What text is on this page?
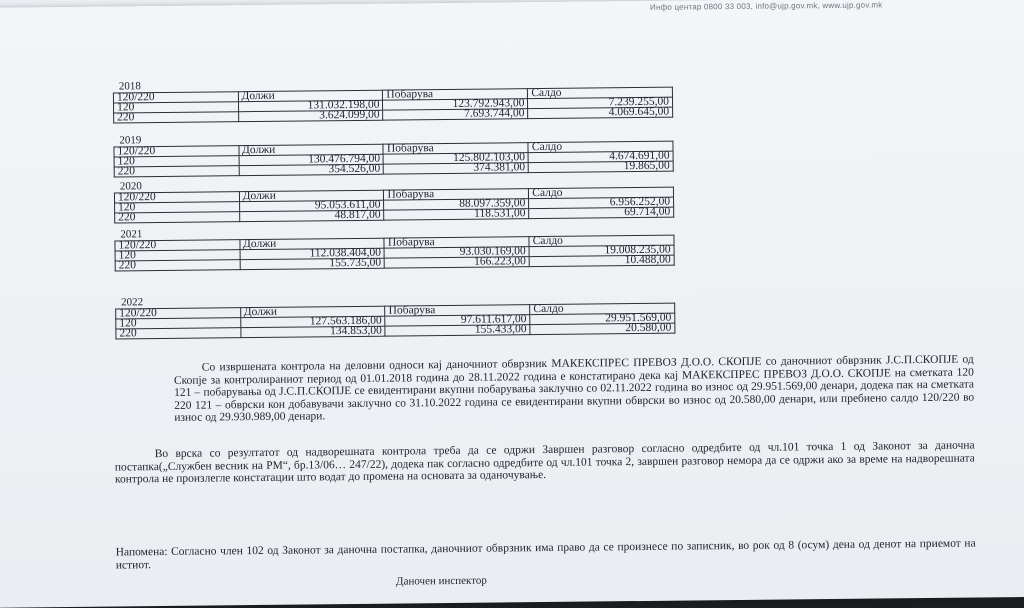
Инфо центар 0800 33 003, info@ujp.gov.mk, www.ujp.gov.mk
2018
120/220	Должи	Побарува	Салдо
120	131.032.198,00	123.792.943,00	7.239.255,00
220	3.624.099,00	7.693.744,00	4.069.645,00
2019
120/220	Должи	Побарува	Салдо
120	130.476.794,00	125.802.103,00	4.674.691,00
220	354.526,00	374.381,00	19.865,00
2020
120/220	Должи	Побарува	Салдо
120	95.053.611,00	88.097.359,00	6.956.252,00
220	48.817,00	118.531,00	69.714,00
2021
120/220	Должи	Побарува	Салдо
120	112.038.404,00	93.030.169,00	19.008.235,00
220	155.735,00	166.223,00	10.488,00
2022
120/220	Должи	Побарува	Салдо
120	127.563.186,00	97.611.617,00	29.951.569,00
220	134.853,00	155.433,00	20.580,00

Со извршената контрола на деловни односи кај даночниот обврзник МАКЕКСПРЕС ПРЕВОЗ Д.О.О. СКОПЈЕ со даночниот обврзник Ј.С.П.СКОПЈЕ од Скопје за контролираниот период од 01.01.2018 година до 28.11.2022 година е констатирано дека кај МАКЕКСПРЕС ПРЕВОЗ Д.О.О. СКОПЈЕ на сметката 120 121 – побарувања од Ј.С.П.СКОПЈЕ се евидентирани вкупни побарувања заклучно со 02.11.2022 година во износ од 29.951.569,00 денари, додека пак на сметката 220 121 – обврски кон добавувачи заклучно со 31.10.2022 година се евидентирани вкупни обврски во износ од 20.580,00 денари, или пребиено салдо 120/220 во износ од 29.930.989,00 денари.

Во врска со резултатот од надворешната контрола треба да се одржи Завршен разговор согласно одредбите од чл.101 точка 1 од Законот за даночна постапка(„Службен весник на РМ“, бр.13/06… 247/22), додека пак согласно одредбите од чл.101 точка 2, завршен разговор немора да се одржи ако за време на надворешната контрола не произлегле констатации што водат до промена на основата за оданочување.

Напомена: Согласно член 102 од Законот за даночна постапка, даночниот обврзник има право да се произнесе по записник, во рок од 8 (осум) дена од денот на приемот на истиот.

Даночен инспектор
